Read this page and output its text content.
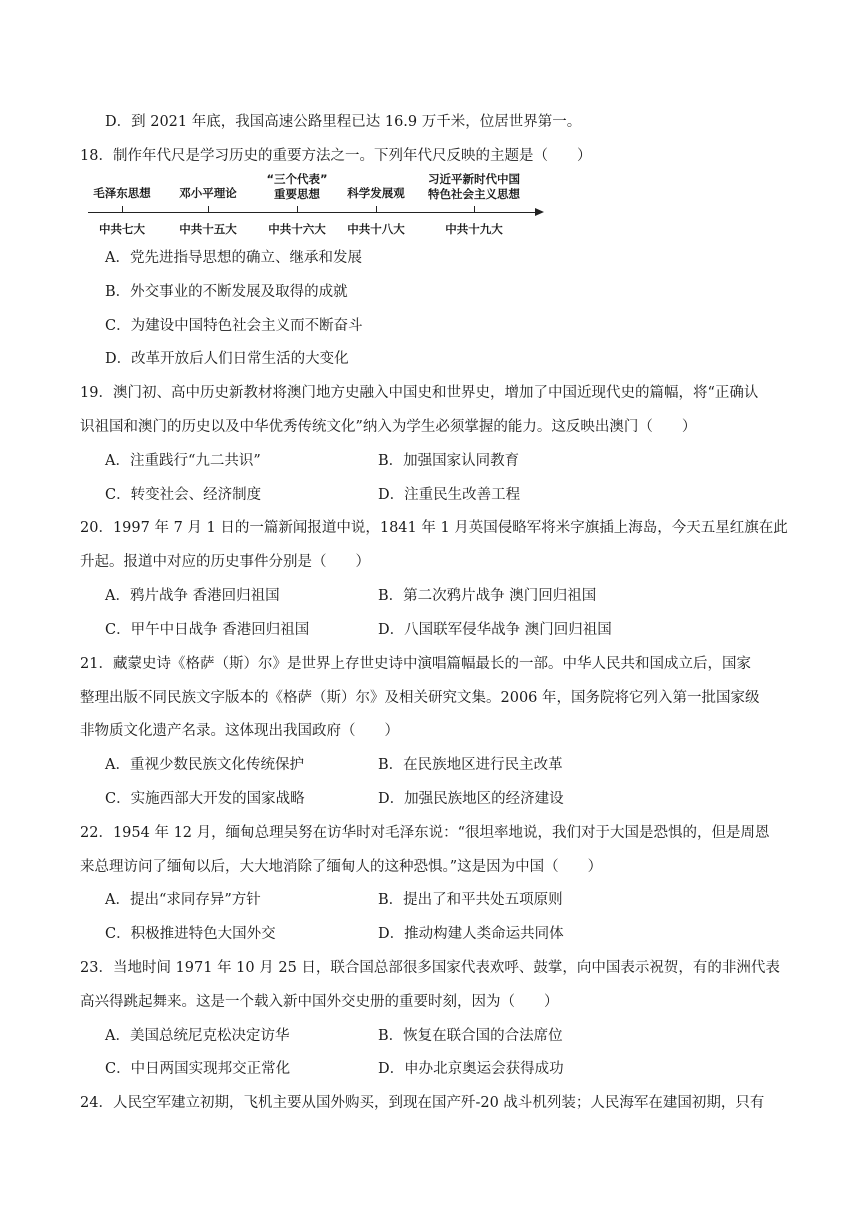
D．到 2021 年底，我国高速公路里程已达 16.9 万千米，位居世界第一。
18．制作年代尺是学习历史的重要方法之一。下列年代尺反映的主题是（　　）
毛泽东思想 邓小平理论
“三个代表”
重要思想	科学发展观
习近平新时代中国
特色社会主义思想
中共七大	中共十五大	中共十六大 中共十八大	中共十九大
A．党先进指导思想的确立、继承和发展
B．外交事业的不断发展及取得的成就
C．为建设中国特色社会主义而不断奋斗
D．改革开放后人们日常生活的大变化
19．澳门初、高中历史新教材将澳门地方史融入中国史和世界史，增加了中国近现代史的篇幅，将“正确认
识祖国和澳门的历史以及中华优秀传统文化”纳入为学生必须掌握的能力。这反映出澳门（　　）
A．注重践行“九二共识”	B．加强国家认同教育
C．转变社会、经济制度	D．注重民生改善工程
20．1997 年 7 月 1 日的一篇新闻报道中说，1841 年 1 月英国侵略军将米字旗插上海岛，今天五星红旗在此
升起。报道中对应的历史事件分别是（　　）
A．鸦片战争 香港回归祖国	B．第二次鸦片战争 澳门回归祖国
C．甲午中日战争 香港回归祖国	D．八国联军侵华战争 澳门回归祖国
21．藏蒙史诗《格萨（斯）尔》是世界上存世史诗中演唱篇幅最长的一部。中华人民共和国成立后，国家
整理出版不同民族文字版本的《格萨（斯）尔》及相关研究文集。2006 年，国务院将它列入第一批国家级
非物质文化遗产名录。这体现出我国政府（　　）
A．重视少数民族文化传统保护	B．在民族地区进行民主改革
C．实施西部大开发的国家战略	D．加强民族地区的经济建设
22．1954 年 12 月，缅甸总理吴努在访华时对毛泽东说：“很坦率地说，我们对于大国是恐惧的，但是周恩
来总理访问了缅甸以后，大大地消除了缅甸人的这种恐惧。”这是因为中国（　　）
A．提出“求同存异”方针	B．提出了和平共处五项原则
C．积极推进特色大国外交	D．推动构建人类命运共同体
23．当地时间 1971 年 10 月 25 日，联合国总部很多国家代表欢呼、鼓掌，向中国表示祝贺，有的非洲代表
高兴得跳起舞来。这是一个载入新中国外交史册的重要时刻，因为（　　）
A．美国总统尼克松决定访华	B．恢复在联合国的合法席位
C．中日两国实现邦交正常化	D．申办北京奥运会获得成功
24．人民空军建立初期，飞机主要从国外购买，到现在国产歼-20 战斗机列装；人民海军在建国初期，只有
